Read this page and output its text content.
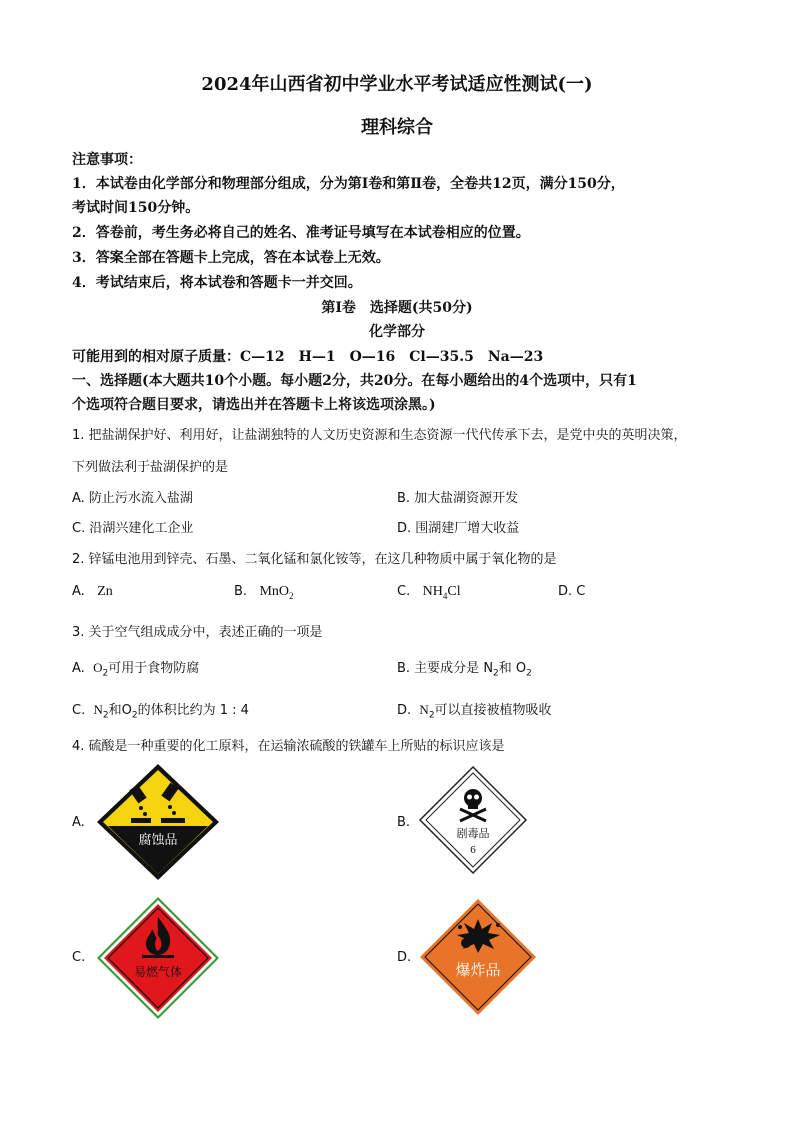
2024年山西省初中学业水平考试适应性测试(一)
理科综合
注意事项：
1．本试卷由化学部分和物理部分组成，分为第Ⅰ卷和第Ⅱ卷，全卷共12页，满分150分，
考试时间150分钟。
2．答卷前，考生务必将自己的姓名、准考证号填写在本试卷相应的位置。
3．答案全部在答题卡上完成，答在本试卷上无效。
4．考试结束后，将本试卷和答题卡一并交回。
第Ⅰ卷　选择题(共50分)
化学部分
可能用到的相对原子质量：C—12　H—1　O—16　Cl—35.5　Na—23
一、选择题(本大题共10个小题。每小题2分，共20分。在每小题给出的4个选项中，只有1
个选项符合题目要求，请选出并在答题卡上将该选项涂黑。)
1. 把盐湖保护好、利用好，让盐湖独特的人文历史资源和生态资源一代代传承下去，是党中央的英明决策，
下列做法利于盐湖保护的是
A. 防止污水流入盐湖	B. 加大盐湖资源开发
C. 沿湖兴建化工企业	D. 围湖建厂增大收益
2. 锌锰电池用到锌壳、石墨、二氧化锰和氯化铵等，在这几种物质中属于氧化物的是
A. Zn	B. MnO$_2$	C. $NH_4Cl$	D. C
3. 关于空气组成成分中，表述正确的一项是
A. $O_2$可用于食物防腐	B. 主要成分是 $N_2$和 $O_2$
C. $N_2$和$O_2$的体积比约为 1 : 4	D. $N_2$可以直接被植物吸收
4. 硫酸是一种重要的化工原料，在运输浓硫酸的铁罐车上所贴的标识应该是
A.
腐蚀品
B.
剧毒品
6
C.
易燃气体
D.
爆炸品
